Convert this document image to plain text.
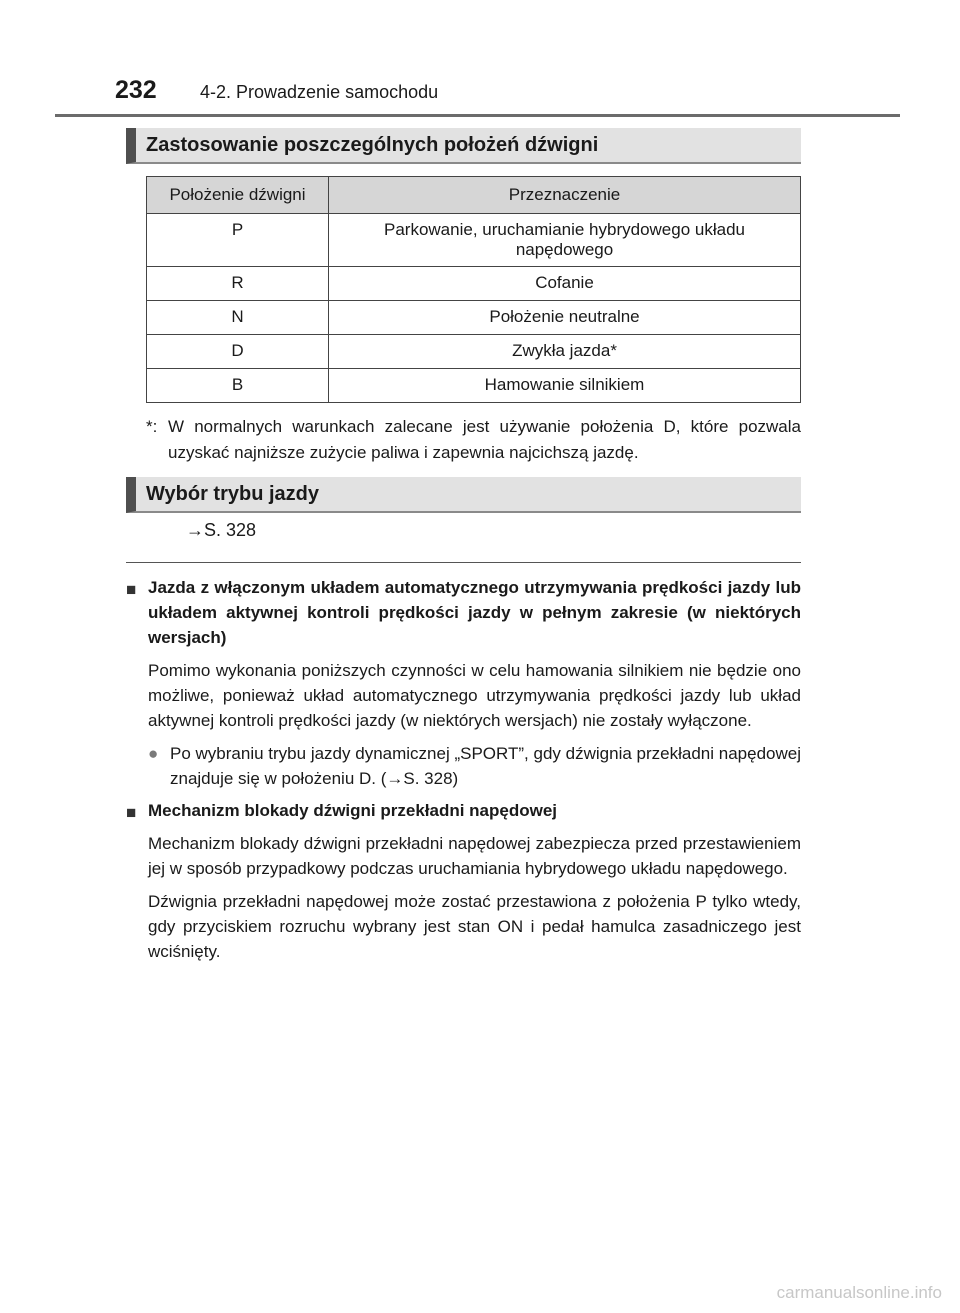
232 4-2. Prowadzenie samochodu
Zastosowanie poszczególnych położeń dźwigni
Położenie dźwigni	Przeznaczenie
P	Parkowanie, uruchamianie hybrydowego układu napędowego
R	Cofanie
N	Położenie neutralne
D	Zwykła jazda*
B	Hamowanie silnikiem
*: W normalnych warunkach zalecane jest używanie położenia D, które pozwala uzyskać najniższe zużycie paliwa i zapewnia najcichszą jazdę.
Wybór trybu jazdy
→S. 328
■ Jazda z włączonym układem automatycznego utrzymywania prędkości jazdy lub układem aktywnej kontroli prędkości jazdy w pełnym zakresie (w niektórych wersjach)

Pomimo wykonania poniższych czynności w celu hamowania silnikiem nie będzie ono możliwe, ponieważ układ automatycznego utrzymywania prędkości jazdy lub układ aktywnej kontroli prędkości jazdy (w niektórych wersjach) nie zostały wyłączone.

● Po wybraniu trybu jazdy dynamicznej „SPORT”, gdy dźwignia przekładni napędowej znajduje się w położeniu D. (→S. 328)
■ Mechanizm blokady dźwigni przekładni napędowej

Mechanizm blokady dźwigni przekładni napędowej zabezpiecza przed przestawieniem jej w sposób przypadkowy podczas uruchamiania hybrydowego układu napędowego.

Dźwignia przekładni napędowej może zostać przestawiona z położenia P tylko wtedy, gdy przyciskiem rozruchu wybrany jest stan ON i pedał hamulca zasadniczego jest wciśnięty.

carmanualsonline.info
